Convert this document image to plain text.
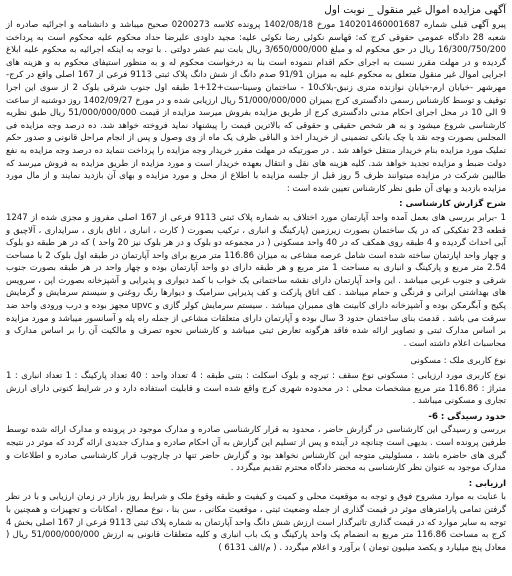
آگهی مزایده اموال غیر منقول _ نوبت اول
پیرو آگهی قبلی شماره 140201460001687 مورخ 1402/08/18 پرونده کلاسه 0200273 صحیح میباشد و دانشنامه و اجرائیه صادره از شعبه 28 دادگاه عمومی حقوقی کرج که: قهاسم نکوئی رضا نکوئی علیه: مجید داودی علیرضا حداد محکوم علیه محکوم است به پرداخت 16/300/750/200 ریال در حق محکوم له و مبلغ 3/650/000/000 ریال بابت نیم عشر دولتی . با توجه به اینکه اجرائیه به محکوم علیه ابلاغ گردیده و در مهلت مقرر نسبت به اجرای حکم اقدام ننموده است بنا به درخواست محکوم له و به منظور استیفای محکوم به و هزینه های اجرایی اموال غیر منقول متعلق به محکوم علیه به میزان 91/91 صدم دانگ از شش دانگ پلاک ثبتی 9113 فرعی از 167 اصلی واقع در کرج-مهرشهر -خیابان ارم-خیابان نوازنده متری زنبق-بلاک10 - ساختمان وسینا-ست+12+1 طبقه اول جنوب شرقی بلوک 2 از سوی این اجرا توقیف و توسط کارشناس رسمی دادگستری کرج بمیزان 51/000/000/000 ریال ارزیابی شده و در مورخ 1402/09/27 روز دوشنبه از ساعت 9 الی 10 در محل اجرای احکام مدنی دادگستری کرج از طریق مزایده بفروش میرسد مزایده از قیمت 51/000/000/000 ریال طبق نظریه کارشناسی شروع میشود و به هر شخص حقیقی و حقوقی که بالاترین قیمت را پیشنهاد نماید فروخته خواهد شد. ده درصد وجه مزایده فی المجلس بصورت وجه نقد یا چک بانکی تضمینی از خریدار اخذ و الباقی ظرف یک ماه از وی وصول و پس از انجام مراحل قانونی و صدور حکم تملیک مورد مزایده بنام خریدار منتقل خواهد شد . در صورتیکه در مهلت مقرر خریدار وجه مزایده را پرداخت ننماید ده درصد وجه مزایده به نفع دولت ضبط و مزایده تجدید خواهد شد. کلیه هزینه های نقل و انتقال بعهده خریدار است و مورد مزایده از طریق مزایده به فروش میرسد که طالبین شرکت در مزایده میتوانند ظرف 5 روز قبل از جلسه مزایده با اطلاع از محل و مورد مزایده و بهای آن بازدید نمایند و از مال مورد مزایده بازدید و بهای آن طبق نظر کارشناس تعیین شده است :
شرح گزارش کارشناسی :
1 -برابر بررسی های بعمل آمده واحد آپارتمان مورد اختلاف به شماره پلاک ثبتی 9113 فرعی از 167 اصلی مفروز و مجزی شده از 1247 قطعه 23 تفکیکی که در یک ساختمان بصورت زیرزمین (پارکینگ و انباری ، ترکیب بصورت ( کارت ، انباری ، اتاق بازی ، سرایداری ، آلاچیق و آبی احداث گردیده و 4 طبقه روی همکف که در 40 واحد مسکونی ( در مجموعه دو بلوک و در هر بلوک نیز 20 واحد ) که در هر طبقه دو بلوک و چهار واحد اپارتمان ساخته شده است شامل عرصه مشاعی به میزان 116.86 متر مربع برای واحد آپارتمان در طبقه اول بلوک 2 با مساحت 2.54 متر مربع و پارکینگ و انباری به مساحت 1 متر مربع و هر طبقه دارای دو واحد آپارتمان بوده و چهار واحد در هر طبقه بصورت جنوب شرقی و جنوب غربی میباشد . این واحد آپارتمان دارای نقشه ساختمانی یک خواب با کمد دیواری و پذیرایی و آشپزخانه بصورت اپن ، سرویس های بهداشتی ایرانی و فرنگی و حمام میباشد . کف اتاق پارکت و کف پذیرایی سرامیک و دیوارها رنگ روغنی و سیستم سرمایش و گرمایش پکیج و آبگرمکن بوده و آشپزخانه دارای کابینت های ممبران میباشد . سیستم سرمایش کولر گازی و upvc مجهز بوده و درب ورودی واحد ضد سرقت می باشد . قدمت بنای ساختمان حدود 3 سال بوده و آپارتمان دارای متعلقات مشاعی از جمله راه پله و آسانسور میباشد و مورد مزایده بر اساس مدارک ثبتی و تصاویر ارائه شده فاقد هرگونه تعارض ثبتی میباشد و کارشناس نحوه تصرف و مالکیت آن را بر اساس مدارک و محاسبات اعلام داشته است .
نوع کاربری ملک : مسکونی
نوع کاربری مورد ارزیابی : مسکونی نوع سقف : تیرچه و بلوک اسکلت : بتنی طبقه : 4 تعداد واحد : 40 تعداد پارکینگ : 1 تعداد انباری : 1 متراژ : 116.86 متر مربع مشخصات محلی : در محدوده شهری کرج واقع شده است و قابلیت استفاده دارد و در شرایط کنونی دارای ارزش تجاری و مسکونی میباشد .
حدود رسیدگی : 6-
بررسی و رسیدگی این کارشناسی در گزارش حاضر ، محدود به قرار کارشناسی صادره و مدارک موجود در پرونده و مدارک ارائه شده توسط طرفین پرونده است . بدیهی است چنانچه در آینده و پس از تسلیم این گزارش به آن احکام صادره و مدارک جدیدی ارائه گردد که موثر در نتیجه گیری های حاضره باشد ، مسئولیتی متوجه این کارشناس نخواهد بود و گزارش حاضر تنها در چارچوب قرار کارشناسی صادره و اطلاعات و مدارک موجود به عنوان نظر کارشناسی به محضر دادگاه محترم تقدیم میگردد .
ارزیابی :
با عنایت به موارد مشروح فوق و توجه به موقعیت محلی و کمیت و کیفیت و طبقه وقوع ملک و شرایط روز بازار در زمان ارزیابی و با در نظر گرفتن تمامی پارامترهای موثر در قیمت گذاری از جمله وضعیت ثبتی ، موقعیت مکانی ، سن بنا ، نوع مصالح ، امکانات و تجهیزات و همچنین با توجه به سایر موارد که در قیمت گذاری تاثیرگذار است ارزش شش دانگ واحد آپارتمان به شماره پلاک ثبتی 9113 فرعی از 167 اصلی بخش 4 کرج به مساحت 116.86 متر مربع به انضمام یک واحد پارکینگ و یک باب انباری و کلیه متعلقات قانونی به ارزش 51/000/000/000 ریال ( معادل پنج میلیارد و یکصد میلیون تومان ) برآورد و اعلام میگردد . ( م/الف 6131 )
